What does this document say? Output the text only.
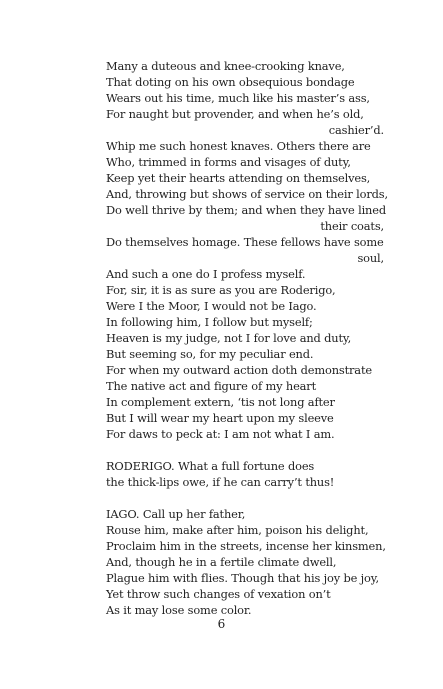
Many a duteous and knee-crooking knave,
That doting on his own obsequious bondage
Wears out his time, much like his master’s ass,
For naught but provender, and when he’s old,
cashier’d.
Whip me such honest knaves. Others there are
Who, trimmed in forms and visages of duty,
Keep yet their hearts attending on themselves,
And, throwing but shows of service on their lords,
Do well thrive by them; and when they have lined
their coats,
Do themselves homage. These fellows have some
soul,
And such a one do I profess myself.
For, sir, it is as sure as you are Roderigo,
Were I the Moor, I would not be Iago.
In following him, I follow but myself;
Heaven is my judge, not I for love and duty,
But seeming so, for my peculiar end.
For when my outward action doth demonstrate
The native act and figure of my heart
In complement extern, ‘tis not long after
But I will wear my heart upon my sleeve
For daws to peck at: I am not what I am.
RODERIGO. What a full fortune does
the thick-lips owe, if he can carry’t thus!
IAGO. Call up her father,
Rouse him, make after him, poison his delight,
Proclaim him in the streets, incense her kinsmen,
And, though he in a fertile climate dwell,
Plague him with flies. Though that his joy be joy,
Yet throw such changes of vexation on’t
As it may lose some color.
6
